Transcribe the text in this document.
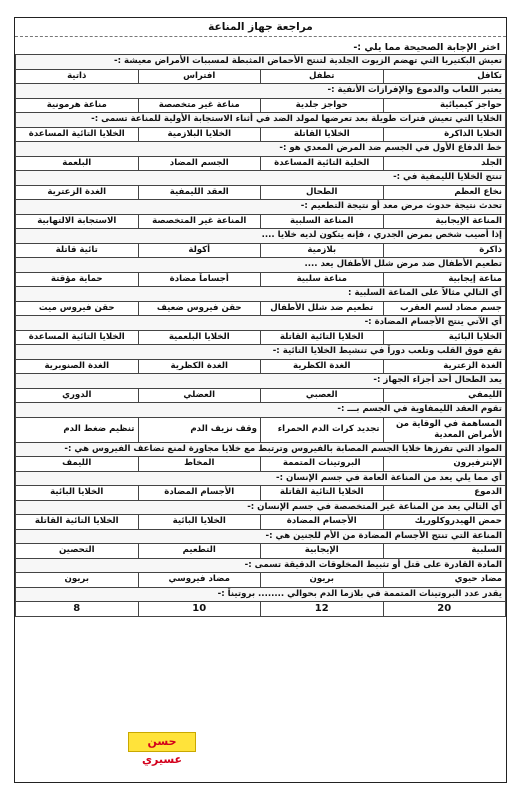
مراجعة جهاز المناعة
اختر الإجابة الصحيحة مما يلي :-
تعيش البكتيريا التي تهضم الزيوت الجلدية لتنتج الأحماض المثبطة لمسببات الأمراض معيشة :-			
تكافل	تطفل	افتراس	ذاتية
يعتبر اللعاب والدموع والإفرازات الأنفية :-			
حواجز كيميائية	حواجز جلدية	مناعة غير متخصصة	مناعة هرمونية
الخلايا التي تعيش فترات طويلة بعد تعرضها لمولد الضد في أثناء الاستجابة الأولية للمناعة تسمى :-			
الخلايا الذاكرة	الخلايا القاتلة	الخلايا البلازمية	الخلايا التائية المساعدة
خط الدفاع الأول في الجسم ضد المرض المعدي هو :-			
الجلد	الخلية التائية المساعدة	الجسم المضاد	البلعمة
تنتج الخلايا الليمفية في :-			
نخاع العظم	الطحال	العقد الليمفية	الغدة الزعترية
تحدث نتيجة حدوث مرض معد أو نتيجة التطعيم :-			
المناعة الإيجابية	المناعة السلبية	المناعة غير المتخصصة	الاستجابة الالتهابية
إذا أصيب شخص بمرض الجدري ، فإنه يتكون لديه خلايا ....			
ذاكرة	بلازمية	أكولة	تائية قاتلة
تطعيم الأطفال ضد مرض شلل الأطفال يعد ....			
مناعة إيجابية	مناعة سلبية	أجساماً مضادة	حماية مؤقتة
أي التالي مثالاً على المناعة السلبية :			
جسم مضاد لسم العقرب	تطعيم ضد شلل الأطفال	حقن فيروس ضعيف	حقن فيروس ميت
أي الآتي ينتج الأجسام المضادة :-			
الخلايا البائية	الخلايا التائية القاتلة	الخلايا البلعمية	الخلايا التائية المساعدة
تقع فوق القلب وتلعب دوراً في تنشيط الخلايا التائية :-			
الغدة الزعترية	الغدة الكظرية	الغدة الكظرية	الغدة الصنوبرية
يعد الطحال أحد أجزاء الجهاز :-			
الليمفي	العصبي	العضلي	الدوري
تقوم العقد الليمفاوية في الجسم بـــ :-			
المساهمة في الوقاية من الأمراض المعدية	تجديد كرات الدم الحمراء	وقف نزيف الدم	تنظيم ضغط الدم
المواد التي تفرزها خلايا الجسم المصابة بالفيروس وترتبط مع خلايا مجاورة لمنع تضاعف الفيروس هي :-			
الإنترفيرون	البروتينات المتممة	المخاط	الليمف
أي مما يلي يعد من المناعة العامة في جسم الإنسان :-			
الدموع	الخلايا التائية القاتلة	الأجسام المضادة	الخلايا البائية
أي التالي يعد من المناعة غير المتخصصة في جسم الإنسان :-			
حمض الهيدروكلوريك	الأجسام المضادة	الخلايا البائية	الخلايا التائية القاتلة
المناعة التي تنتج الأجسام المضادة من الأم للجنين هي :-			
السلبية	الإيجابية	التطعيم	التحصين
المادة القادرة على قتل أو تثبيط المخلوقات الدقيقة تسمى :-			
مضاد حيوي	بريون	مضاد فيروسي	بريون
يقدر عدد البروتينات المتممة في بلازما الدم بحوالي ........ بروتيناً :-			
20	12	10	8
حسن عسيري
